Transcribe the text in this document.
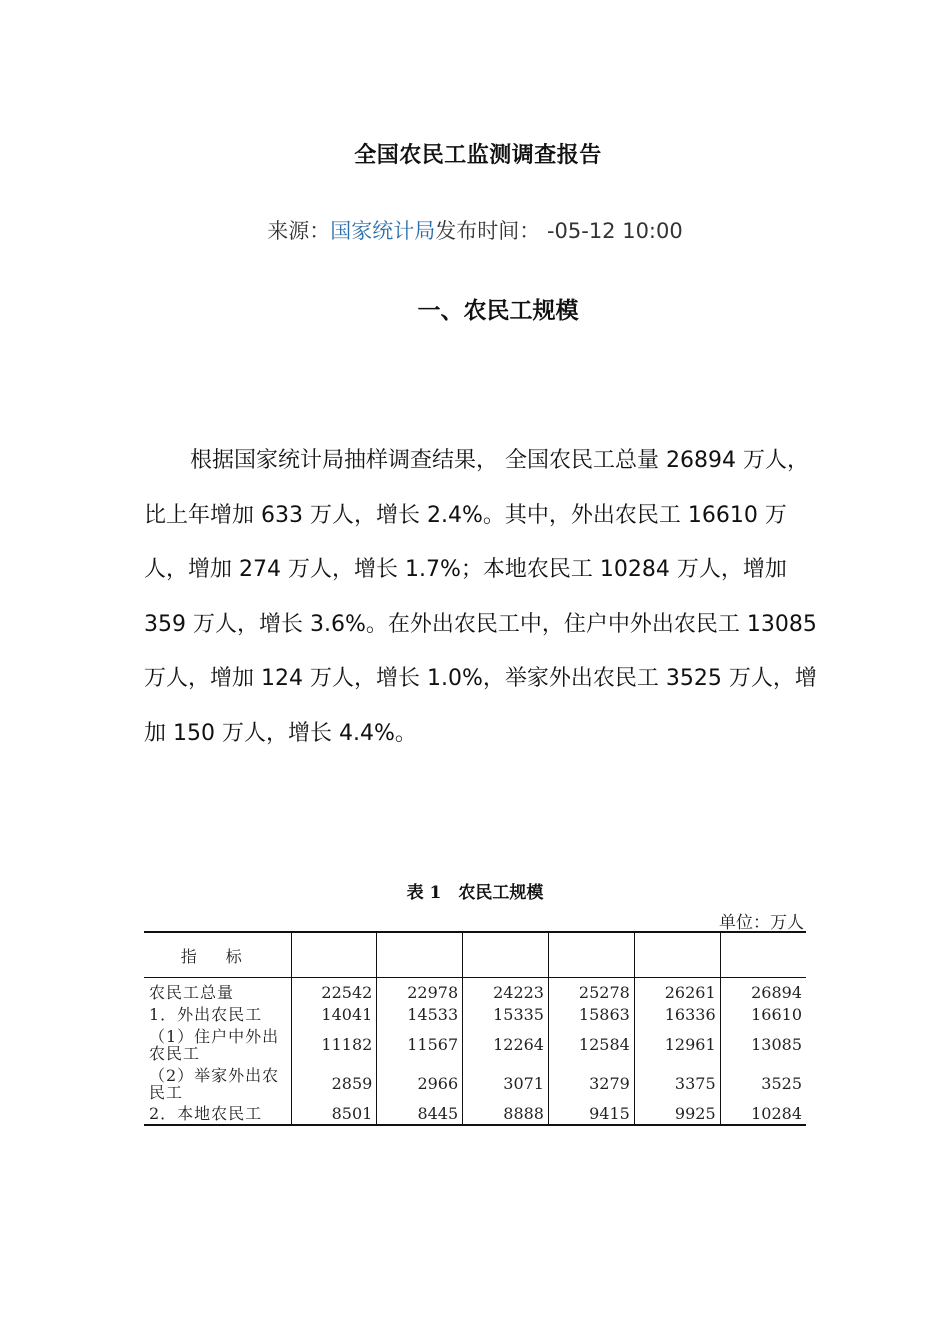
全国农民工监测调查报告
来源：国家统计局发布时间： -05-12 10:00
一、农民工规模
根据国家统计局抽样调查结果， 全国农民工总量 26894 万人，比上年增加 633 万人，增长 2.4%。其中，外出农民工 16610 万人，增加 274 万人，增长 1.7%；本地农民工 10284 万人，增加 359 万人，增长 3.6%。在外出农民工中，住户中外出农民工 13085 万人，增加 124 万人，增长 1.0%，举家外出农民工 3525 万人，增加 150 万人，增长 4.4%。
表 1　农民工规模
单位：万人
指 标						
农民工总量	22542	22978	24223	25278	26261	26894
1．外出农民工	14041	14533	15335	15863	16336	16610
（1）住户中外出农民工	11182	11567	12264	12584	12961	13085
（2）举家外出农民工	2859	2966	3071	3279	3375	3525
2．本地农民工	8501	8445	8888	9415	9925	10284
